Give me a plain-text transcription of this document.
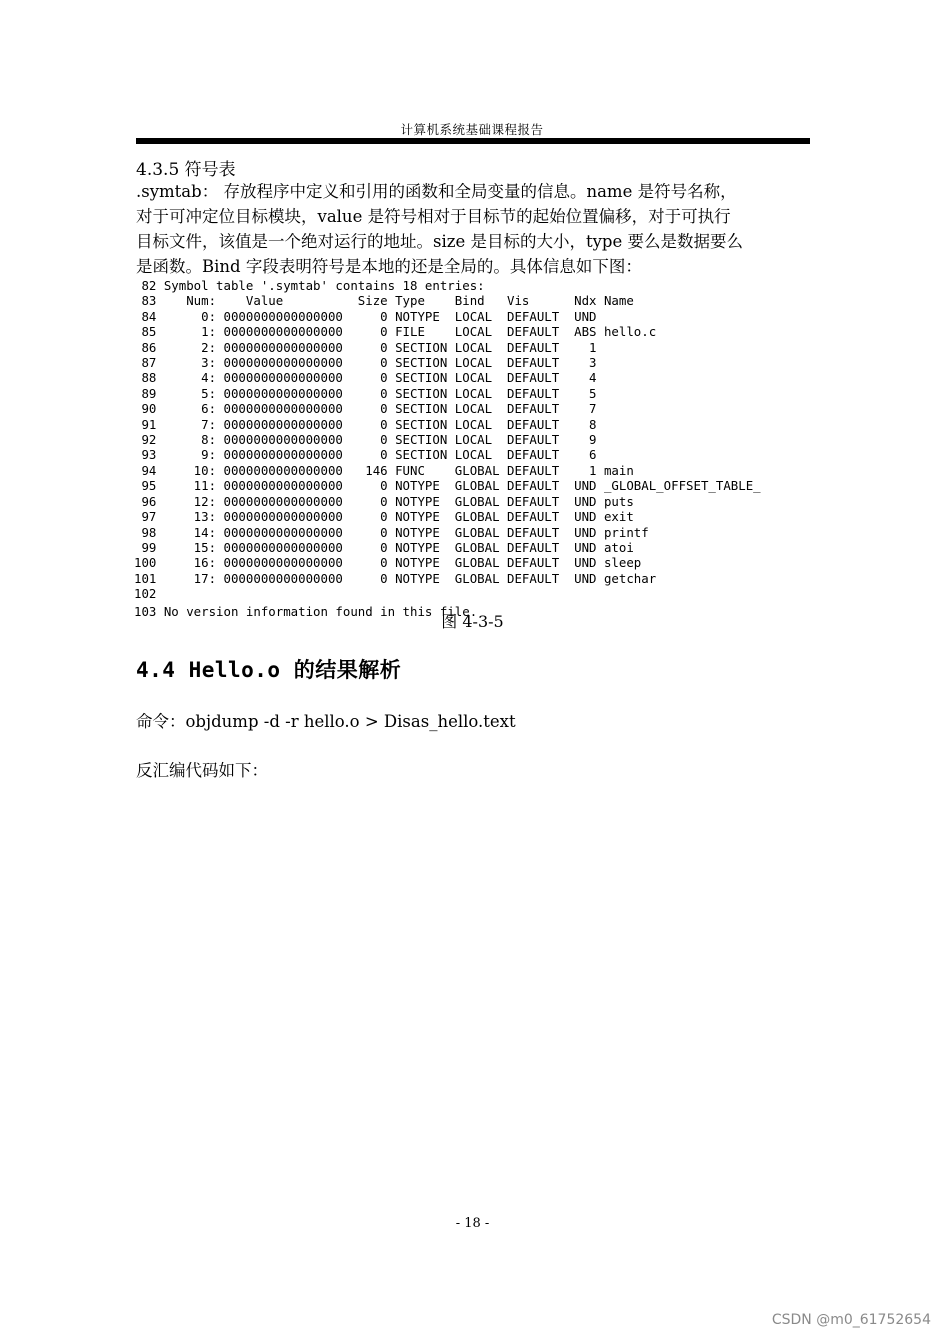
计算机系统基础课程报告
4.3.5 符号表

.symtab： 存放程序中定义和引用的函数和全局变量的信息。name 是符号名称，

对于可冲定位目标模块，value 是符号相对于目标节的起始位置偏移，对于可执行

目标文件，该值是一个绝对运行的地址。size 是目标的大小，type 要么是数据要么

是函数。Bind 字段表明符号是本地的还是全局的。具体信息如下图：

82 Symbol table '.symtab' contains 18 entries:
83    Num:    Value          Size Type    Bind   Vis      Ndx Name
84      0: 0000000000000000     0 NOTYPE  LOCAL  DEFAULT  UND
85      1: 0000000000000000     0 FILE    LOCAL  DEFAULT  ABS hello.c
86      2: 0000000000000000     0 SECTION LOCAL  DEFAULT    1
87      3: 0000000000000000     0 SECTION LOCAL  DEFAULT    3
88      4: 0000000000000000     0 SECTION LOCAL  DEFAULT    4
89      5: 0000000000000000     0 SECTION LOCAL  DEFAULT    5
90      6: 0000000000000000     0 SECTION LOCAL  DEFAULT    7
91      7: 0000000000000000     0 SECTION LOCAL  DEFAULT    8
92      8: 0000000000000000     0 SECTION LOCAL  DEFAULT    9
93      9: 0000000000000000     0 SECTION LOCAL  DEFAULT    6
94     10: 0000000000000000   146 FUNC    GLOBAL DEFAULT    1 main
95     11: 0000000000000000     0 NOTYPE  GLOBAL DEFAULT  UND _GLOBAL_OFFSET_TABLE_
96     12: 0000000000000000     0 NOTYPE  GLOBAL DEFAULT  UND puts
97     13: 0000000000000000     0 NOTYPE  GLOBAL DEFAULT  UND exit
98     14: 0000000000000000     0 NOTYPE  GLOBAL DEFAULT  UND printf
99     15: 0000000000000000     0 NOTYPE  GLOBAL DEFAULT  UND atoi
100     16: 0000000000000000     0 NOTYPE  GLOBAL DEFAULT  UND sleep
101     17: 0000000000000000     0 NOTYPE  GLOBAL DEFAULT  UND getchar
102
103 No version information found in this file.
图 4-3-5
4.4 Hello.o 的结果解析
命令：objdump -d -r hello.o > Disas_hello.text
反汇编代码如下：
- 18 -
CSDN @m0_61752654
